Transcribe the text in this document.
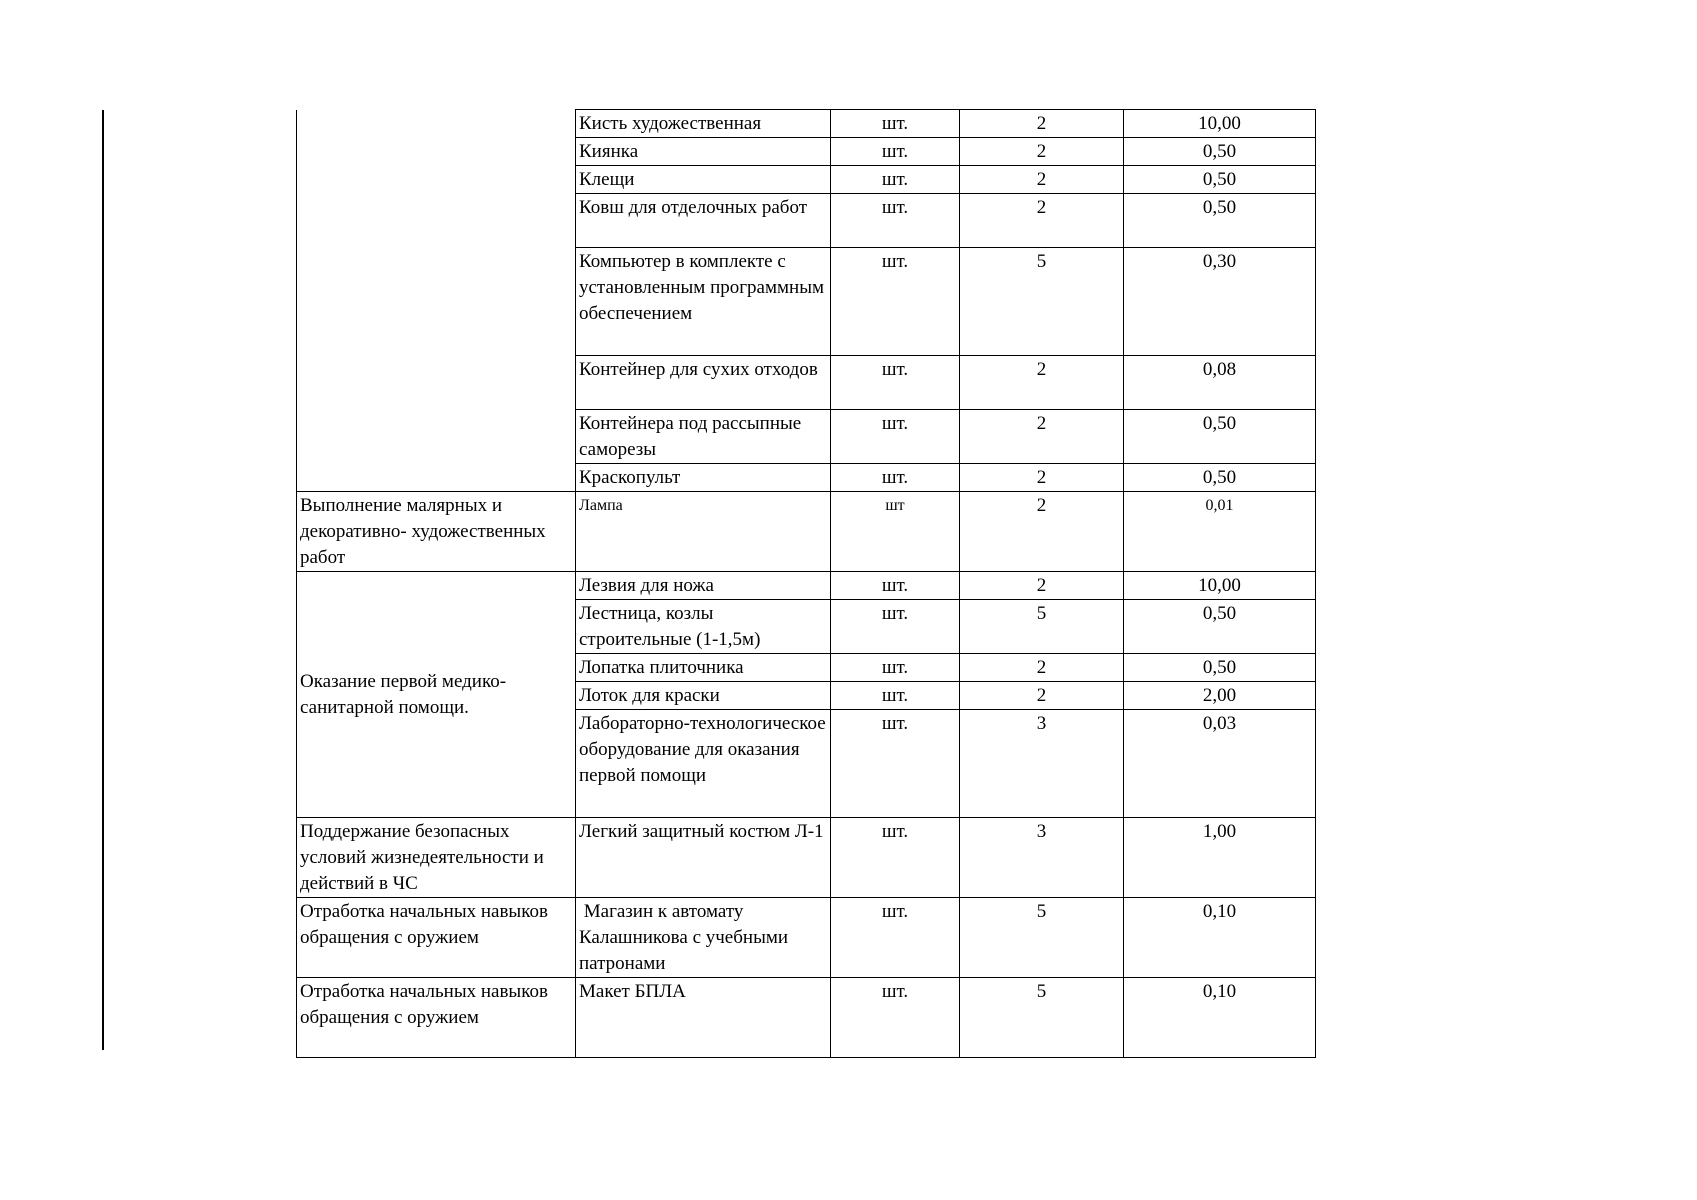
	Кисть художественная	шт.	2	10,00
	Киянка	шт.	2	0,50
	Клещи	шт.	2	0,50
	Ковш для отделочных работ	шт.	2	0,50
	Компьютер в комплекте с установленным программным обеспечением	шт.	5	0,30
	Контейнер для сухих отходов	шт.	2	0,08
	Контейнера под рассыпные саморезы	шт.	2	0,50
	Краскопульт	шт.	2	0,50
Выполнение малярных и декоративно- художественных работ	Лампа	шт	2	0,01
Оказание первой медико-санитарной помощи.	Лезвия для ножа	шт.	2	10,00
	Лестница, козлы строительные (1-1,5м)	шт.	5	0,50
	Лопатка плиточника	шт.	2	0,50
	Лоток для краски	шт.	2	2,00
	Лабораторно-технологическое оборудование для оказания первой помощи	шт.	3	0,03
Поддержание безопасных условий жизнедеятельности и действий в ЧС	Легкий защитный костюм Л-1	шт.	3	1,00
Отработка начальных навыков обращения с оружием	Магазин к автомату Калашникова с учебными патронами	шт.	5	0,10
Отработка начальных навыков обращения с оружием	Макет БПЛА	шт.	5	0,10
